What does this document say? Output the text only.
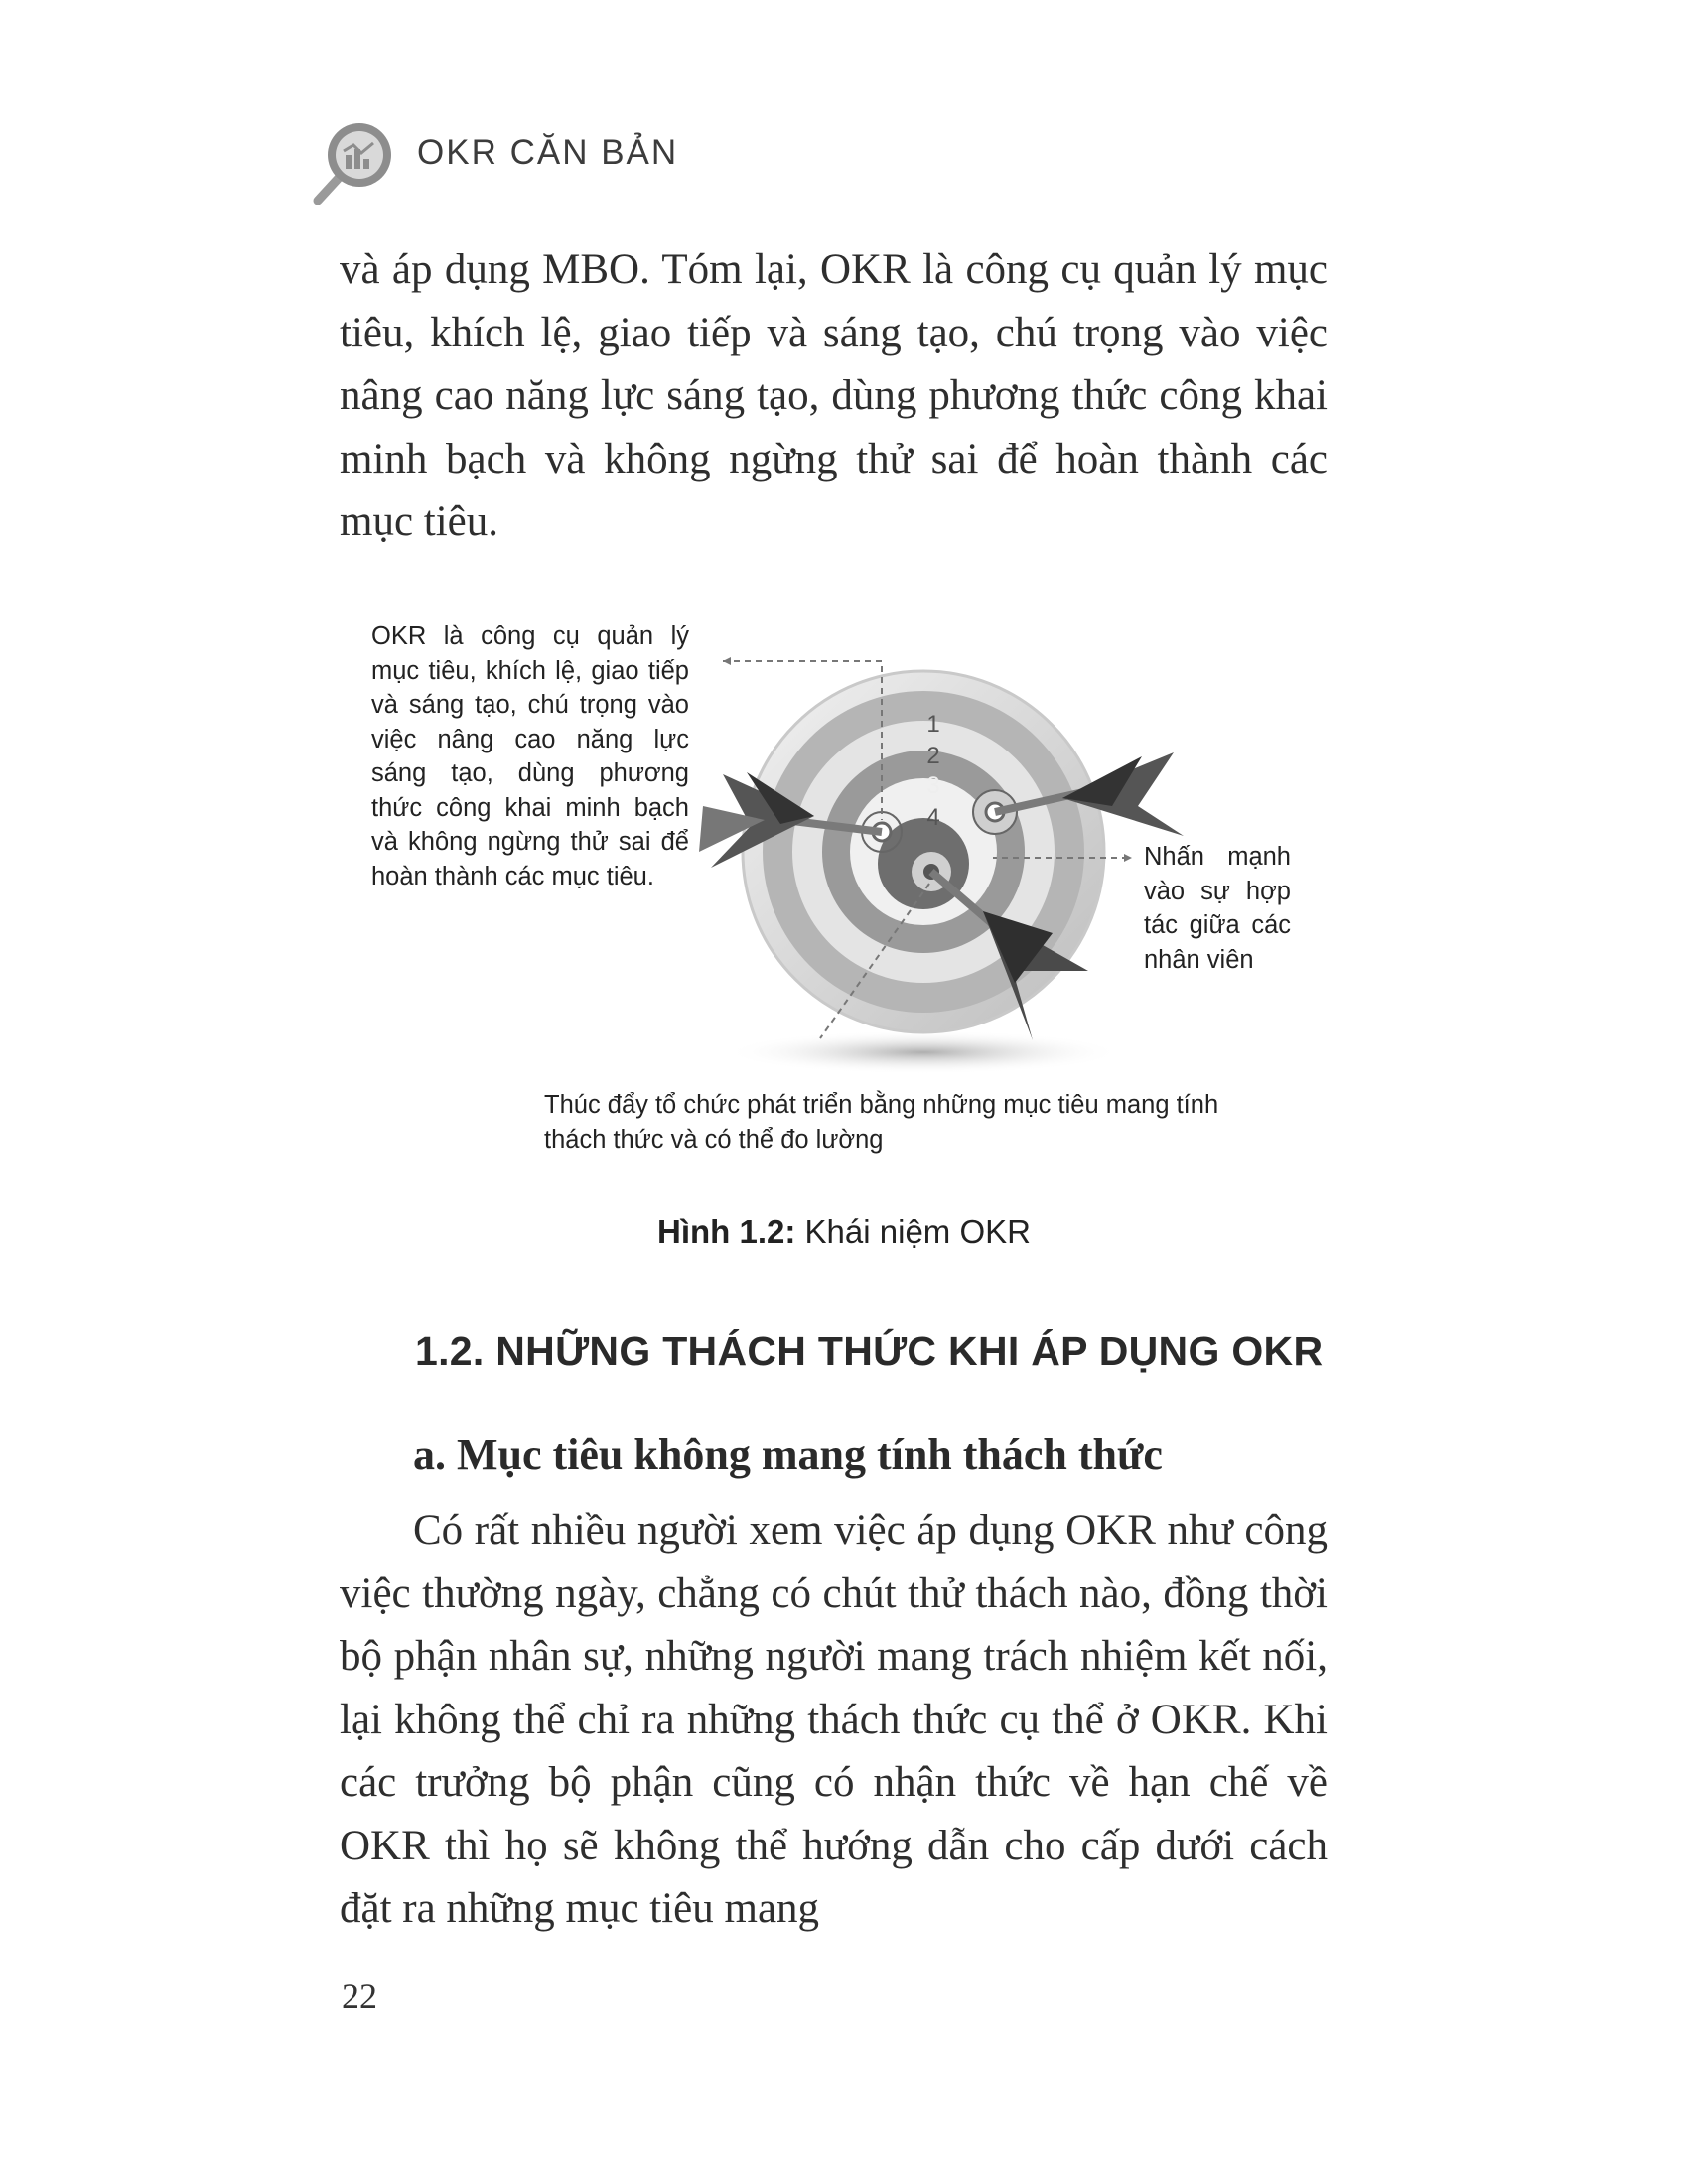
OKR CĂN BẢN
và áp dụng MBO. Tóm lại, OKR là công cụ quản lý mục tiêu, khích lệ, giao tiếp và sáng tạo, chú trọng vào việc nâng cao năng lực sáng tạo, dùng phương thức công khai minh bạch và không ngừng thử sai để hoàn thành các mục tiêu.
1
2
3
4
OKR là công cụ quản lý mục tiêu, khích lệ, giao tiếp và sáng tạo, chú trọng vào việc nâng cao năng lực sáng tạo, dùng phương thức công khai minh bạch và không ngừng thử sai để hoàn thành các mục tiêu.
Nhấn mạnh vào sự hợp tác giữa các nhân viên
Thúc đẩy tổ chức phát triển bằng những mục tiêu mang tính thách thức và có thể đo lường
Hình 1.2: Khái niệm OKR
1.2. NHỮNG THÁCH THỨC KHI ÁP DỤNG OKR
a. Mục tiêu không mang tính thách thức
Có rất nhiều người xem việc áp dụng OKR như công việc thường ngày, chẳng có chút thử thách nào, đồng thời bộ phận nhân sự, những người mang trách nhiệm kết nối, lại không thể chỉ ra những thách thức cụ thể ở OKR. Khi các trưởng bộ phận cũng có nhận thức về hạn chế về OKR thì họ sẽ không thể hướng dẫn cho cấp dưới cách đặt ra những mục tiêu mang
22
